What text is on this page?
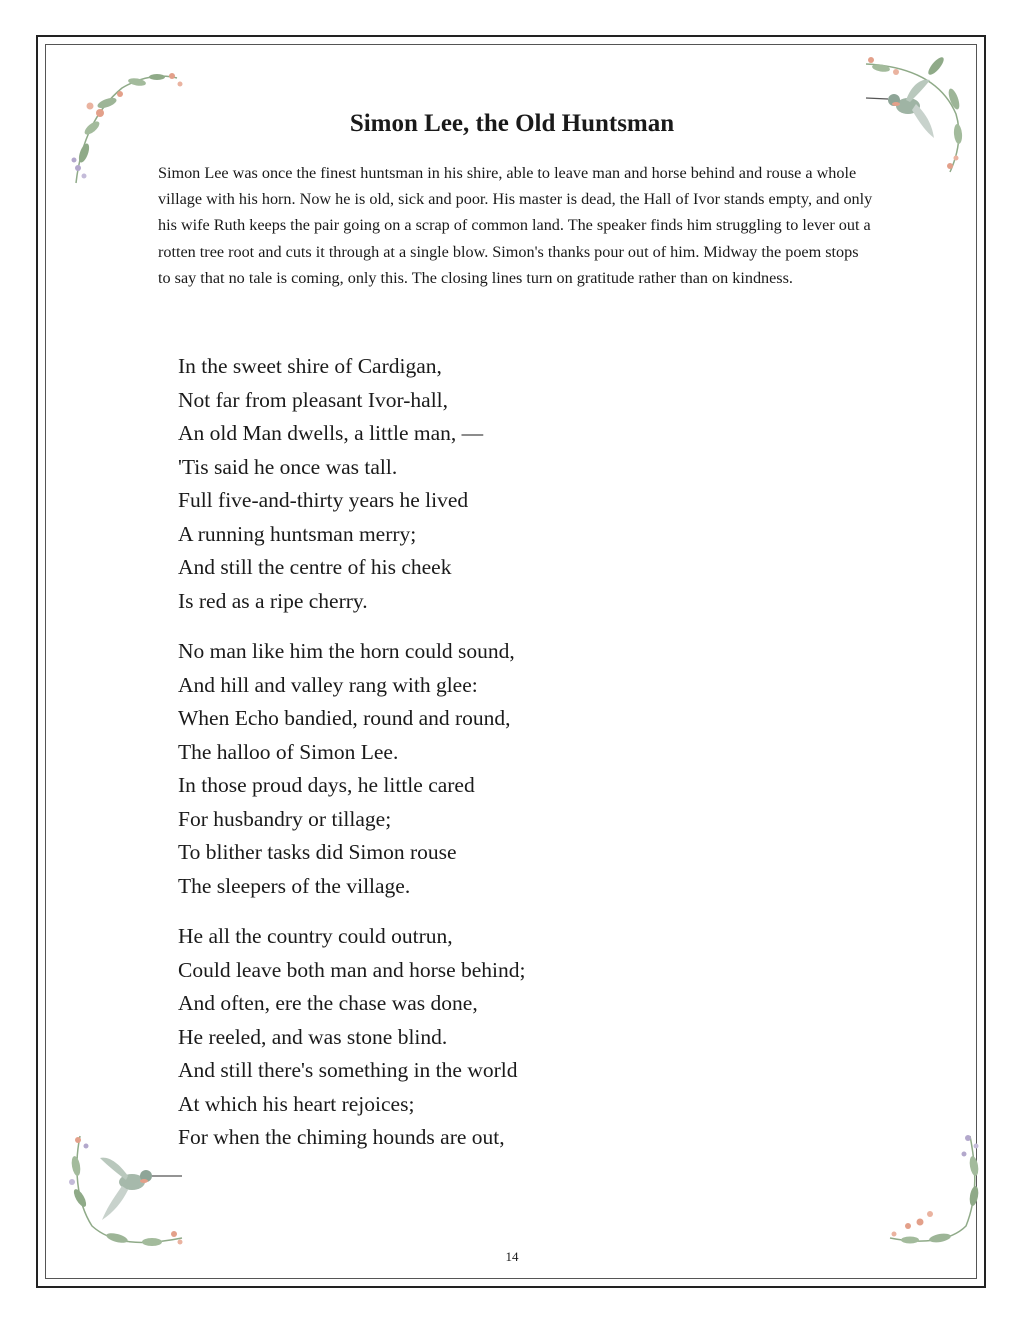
Simon Lee, the Old Huntsman

Simon Lee was once the finest huntsman in his shire, able to leave man and horse behind and rouse a whole village with his horn. Now he is old, sick and poor. His master is dead, the Hall of Ivor stands empty, and only his wife Ruth keeps the pair going on a scrap of common land. The speaker finds him struggling to lever out a rotten tree root and cuts it through at a single blow. Simon's thanks pour out of him. Midway the poem stops to say that no tale is coming, only this. The closing lines turn on gratitude rather than on kindness.

In the sweet shire of Cardigan,
Not far from pleasant Ivor-hall,
An old Man dwells, a little man, —
'Tis said he once was tall.
Full five-and-thirty years he lived
A running huntsman merry;
And still the centre of his cheek
Is red as a ripe cherry.
No man like him the horn could sound,
And hill and valley rang with glee:
When Echo bandied, round and round,
The halloo of Simon Lee.
In those proud days, he little cared
For husbandry or tillage;
To blither tasks did Simon rouse
The sleepers of the village.
He all the country could outrun,
Could leave both man and horse behind;
And often, ere the chase was done,
He reeled, and was stone blind.
And still there's something in the world
At which his heart rejoices;
For when the chiming hounds are out,
14
